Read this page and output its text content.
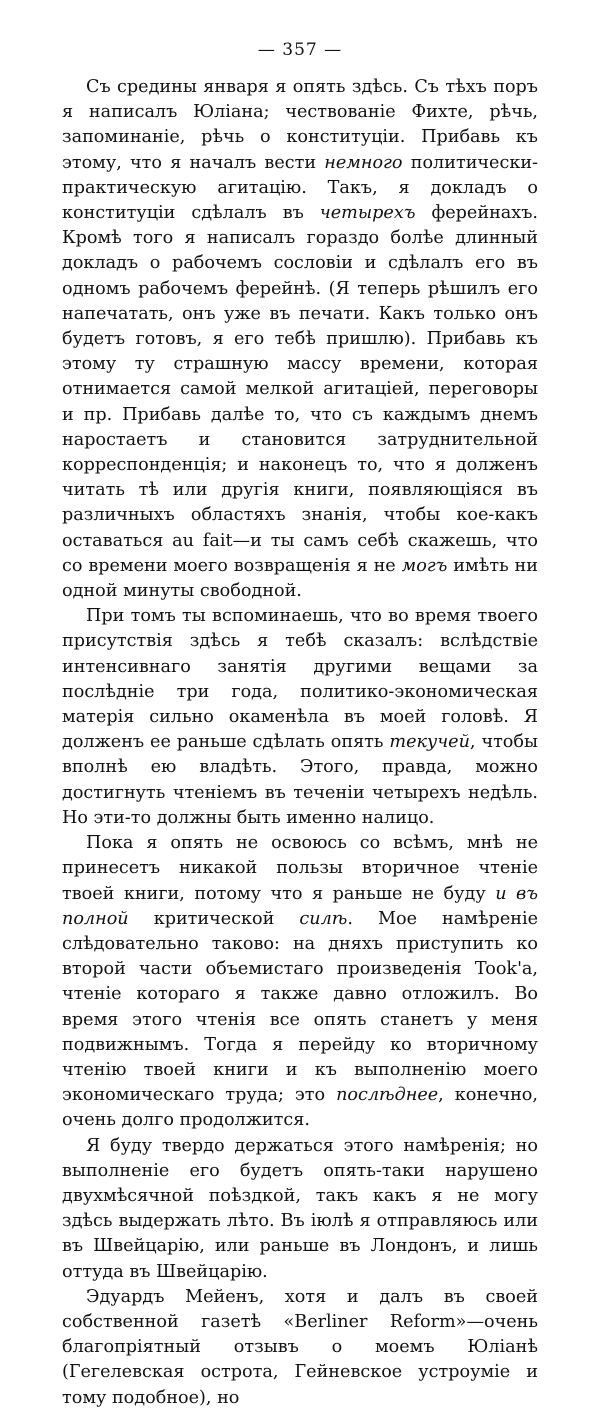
— 357 —

Съ средины января я опять здѣсь. Съ тѣхъ поръ я написалъ Юліана; чествованіе Фихте, рѣчь, запоминаніе, рѣчь о конституціи. Прибавь къ этому, что я началъ вести немного политически-практическую агитацію. Такъ, я докладъ о конституціи сдѣлалъ въ четырехъ ферейнахъ. Кромѣ того я написалъ гораздо болѣе длинный докладъ о рабочемъ сословіи и сдѣлалъ его въ одномъ рабочемъ ферейнѣ. (Я теперь рѣшилъ его напечатать, онъ уже въ печати. Какъ только онъ будетъ готовъ, я его тебѣ пришлю). Прибавь къ этому ту страшную массу времени, которая отнимается самой мелкой агитаціей, переговоры и пр. Прибавь далѣе то, что съ каждымъ днемъ наростаетъ и становится затруднительной корреспонденція; и наконецъ то, что я долженъ читать тѣ или другія книги, появляющіяся въ различныхъ областяхъ знанія, чтобы кое-какъ оставаться au fait—и ты самъ себѣ скажешь, что со времени моего возвращенія я не могъ имѣть ни одной минуты свободной.

При томъ ты вспоминаешь, что во время твоего присутствія здѣсь я тебѣ сказалъ: вслѣдствіе интенсивнаго занятія другими вещами за послѣдніе три года, политико-экономическая матерія сильно окаменѣла въ моей головѣ. Я долженъ ее раньше сдѣлать опять текучей, чтобы вполнѣ ею владѣть. Этого, правда, можно достигнуть чтеніемъ въ теченіи четырехъ недѣль. Но эти-то должны быть именно налицо.

Пока я опять не освоюсь со всѣмъ, мнѣ не принесетъ никакой пользы вторичное чтеніе твоей книги, потому что я раньше не буду и въ полной критической силѣ. Мое намѣреніе слѣдовательно таково: на дняхъ приступить ко второй части объемистаго произведенія Took'а, чтеніе котораго я также давно отложилъ. Во время этого чтенія все опять станетъ у меня подвижнымъ. Тогда я перейду ко вторичному чтенію твоей книги и къ выполненію моего экономическаго труда; это послѣднее, конечно, очень долго продолжится.

Я буду твердо держаться этого намѣренія; но выполненіе его будетъ опять-таки нарушено двухмѣсячной поѣздкой, такъ какъ я не могу здѣсь выдержать лѣто. Въ іюлѣ я отправляюсь или въ Швейцарію, или раньше въ Лондонъ, и лишь оттуда въ Швейцарію.

Эдуардъ Мейенъ, хотя и далъ въ своей собственной газетѣ «Berliner Reform»—очень благопріятный отзывъ о моемъ Юліанѣ (Гегелевская острота, Гейневское устроуміе и тому подобное), но
